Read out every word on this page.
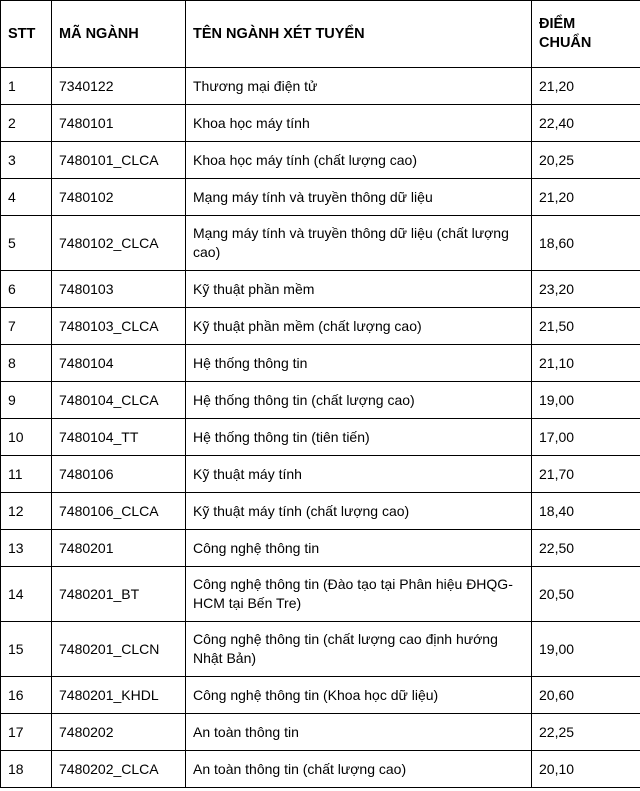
STT	MÃ NGÀNH	TÊN NGÀNH XÉT TUYỂN	ĐIỂM CHUẨN
1	7340122	Thương mại điện tử	21,20
2	7480101	Khoa học máy tính	22,40
3	7480101_CLCA	Khoa học máy tính (chất lượng cao)	20,25
4	7480102	Mạng máy tính và truyền thông dữ liệu	21,20
5	7480102_CLCA	Mạng máy tính và truyền thông dữ liệu (chất lượng cao)	18,60
6	7480103	Kỹ thuật phần mềm	23,20
7	7480103_CLCA	Kỹ thuật phần mềm (chất lượng cao)	21,50
8	7480104	Hệ thống thông tin	21,10
9	7480104_CLCA	Hệ thống thông tin (chất lượng cao)	19,00
10	7480104_TT	Hệ thống thông tin (tiên tiến)	17,00
11	7480106	Kỹ thuật máy tính	21,70
12	7480106_CLCA	Kỹ thuật máy tính (chất lượng cao)	18,40
13	7480201	Công nghệ thông tin	22,50
14	7480201_BT	Công nghệ thông tin (Đào tạo tại Phân hiệu ĐHQG-HCM tại Bến Tre)	20,50
15	7480201_CLCN	Công nghệ thông tin (chất lượng cao định hướng Nhật Bản)	19,00
16	7480201_KHDL	Công nghệ thông tin (Khoa học dữ liệu)	20,60
17	7480202	An toàn thông tin	22,25
18	7480202_CLCA	An toàn thông tin (chất lượng cao)	20,10
